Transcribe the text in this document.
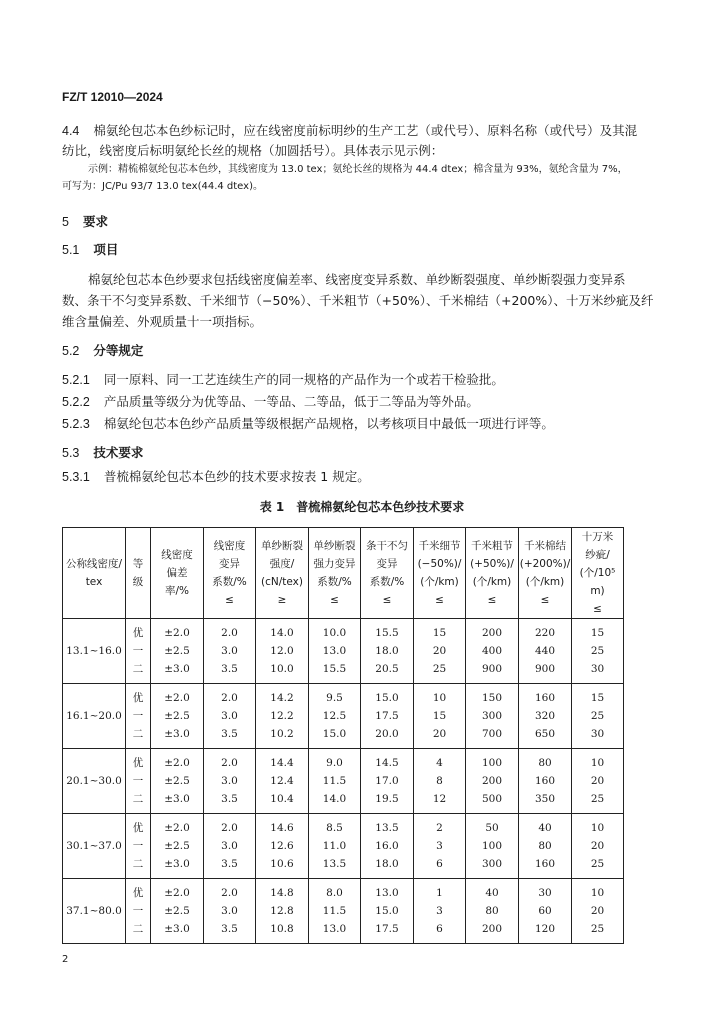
FZ/T 12010—2024
4.4 棉氨纶包芯本色纱标记时，应在线密度前标明纱的生产工艺（或代号）、原料名称（或代号）及其混
纺比，线密度后标明氨纶长丝的规格（加圆括号）。具体表示见示例：
示例：精梳棉氨纶包芯本色纱，其线密度为 13.0 tex；氨纶长丝的规格为 44.4 dtex；棉含量为 93%，氨纶含量为 7%，
可写为：JC/Pu 93/7 13.0 tex(44.4 dtex)。
5 要求
5.1 项目
棉氨纶包芯本色纱要求包括线密度偏差率、线密度变异系数、单纱断裂强度、单纱断裂强力变异系
数、条干不匀变异系数、千米细节（−50%）、千米粗节（+50%）、千米棉结（+200%）、十万米纱疵及纤
维含量偏差、外观质量十一项指标。
5.2 分等规定
5.2.1 同一原料、同一工艺连续生产的同一规格的产品作为一个或若干检验批。
5.2.2 产品质量等级分为优等品、一等品、二等品，低于二等品为等外品。
5.2.3 棉氨纶包芯本色纱产品质量等级根据产品规格，以考核项目中最低一项进行评等。
5.3 技术要求
5.3.1 普梳棉氨纶包芯本色纱的技术要求按表 1 规定。
表 1　普梳棉氨纶包芯本色纱技术要求
公称线密度/
tex	等
级	线密度
偏差
率/%	线密度
变异
系数/%
≤	单纱断裂
强度/
(cN/tex)
≥	单纱断裂
强力变异
系数/%
≤	条干不匀
变异
系数/%
≤	千米细节
(−50%)/
(个/km)
≤	千米粗节
(+50%)/
(个/km)
≤	千米棉结
(+200%)/
(个/km)
≤	十万米
纱疵/
(个/10⁵ m)
≤

13.1~16.0	优
一
二	±2.0
±2.5
±3.0	2.0
3.0
3.5	14.0
12.0
10.0	10.0
13.0
15.5	15.5
18.0
20.5	15
20
25	200
400
900	220
440
900	15
25
30

16.1~20.0	优
一
二	±2.0
±2.5
±3.0	2.0
3.0
3.5	14.2
12.2
10.2	9.5
12.5
15.0	15.0
17.5
20.0	10
15
20	150
300
700	160
320
650	15
25
30

20.1~30.0	优
一
二	±2.0
±2.5
±3.0	2.0
3.0
3.5	14.4
12.4
10.4	9.0
11.5
14.0	14.5
17.0
19.5	4
8
12	100
200
500	80
160
350	10
20
25

30.1~37.0	优
一
二	±2.0
±2.5
±3.0	2.0
3.0
3.5	14.6
12.6
10.6	8.5
11.0
13.5	13.5
16.0
18.0	2
3
6	50
100
300	40
80
160	10
20
25

37.1~80.0	优
一
二	±2.0
±2.5
±3.0	2.0
3.0
3.5	14.8
12.8
10.8	8.0
11.5
13.0	13.0
15.0
17.5	1
3
6	40
80
200	30
60
120	10
20
25
2
